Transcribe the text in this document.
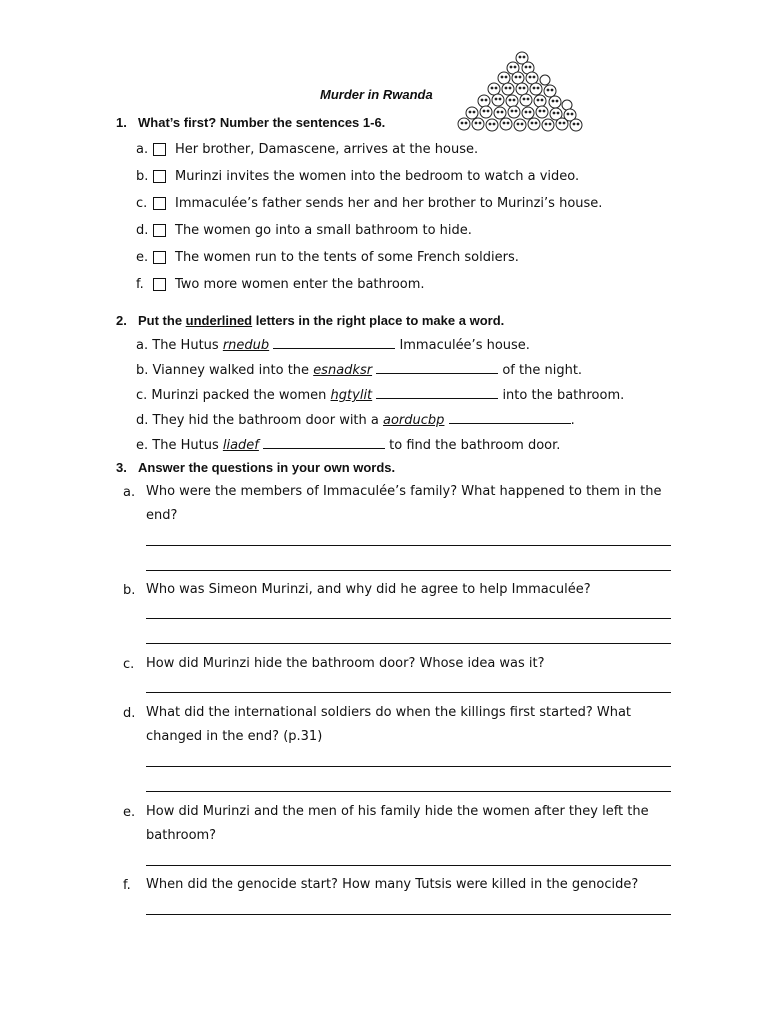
Murder in Rwanda
1. What’s first? Number the sentences 1-6.
a.	Her brother, Damascene, arrives at the house.
b.	Murinzi invites the women into the bedroom to watch a video.
c.	Immaculée’s father sends her and her brother to Murinzi’s house.
d.	The women go into a small bathroom to hide.
e.	The women run to the tents of some French soldiers.
f.	Two more women enter the bathroom.
2. Put the underlined letters in the right place to make a word.
a. The Hutus rnedub	Immaculée’s house.
b. Vianney walked into the esnadksr	of the night.
c. Murinzi packed the women hgtylit	into the bathroom.
d. They hid the bathroom door with a aorducbp	.
e. The Hutus liadef	to find the bathroom door.
3. Answer the questions in your own words.
a. Who were the members of Immaculée’s family? What happened to them in the end?
b. Who was Simeon Murinzi, and why did he agree to help Immaculée?
c. How did Murinzi hide the bathroom door? Whose idea was it?
d. What did the international soldiers do when the killings first started? What changed in the end? (p.31)
e. How did Murinzi and the men of his family hide the women after they left the bathroom?
f. When did the genocide start? How many Tutsis were killed in the genocide?
